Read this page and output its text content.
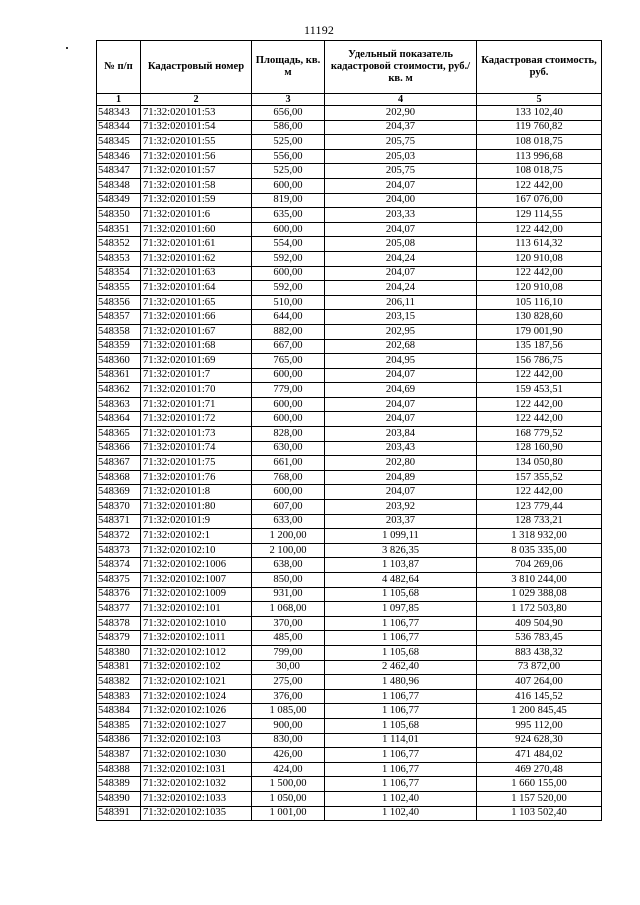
11192
№ п/п	Кадастровый номер	Площадь, кв. м	Удельный показатель кадастровой стоимости, руб./кв. м	Кадастровая стоимость, руб.
1	2	3	4	5
548343	71:32:020101:53	656,00	202,90	133 102,40
548344	71:32:020101:54	586,00	204,37	119 760,82
548345	71:32:020101:55	525,00	205,75	108 018,75
548346	71:32:020101:56	556,00	205,03	113 996,68
548347	71:32:020101:57	525,00	205,75	108 018,75
548348	71:32:020101:58	600,00	204,07	122 442,00
548349	71:32:020101:59	819,00	204,00	167 076,00
548350	71:32:020101:6	635,00	203,33	129 114,55
548351	71:32:020101:60	600,00	204,07	122 442,00
548352	71:32:020101:61	554,00	205,08	113 614,32
548353	71:32:020101:62	592,00	204,24	120 910,08
548354	71:32:020101:63	600,00	204,07	122 442,00
548355	71:32:020101:64	592,00	204,24	120 910,08
548356	71:32:020101:65	510,00	206,11	105 116,10
548357	71:32:020101:66	644,00	203,15	130 828,60
548358	71:32:020101:67	882,00	202,95	179 001,90
548359	71:32:020101:68	667,00	202,68	135 187,56
548360	71:32:020101:69	765,00	204,95	156 786,75
548361	71:32:020101:7	600,00	204,07	122 442,00
548362	71:32:020101:70	779,00	204,69	159 453,51
548363	71:32:020101:71	600,00	204,07	122 442,00
548364	71:32:020101:72	600,00	204,07	122 442,00
548365	71:32:020101:73	828,00	203,84	168 779,52
548366	71:32:020101:74	630,00	203,43	128 160,90
548367	71:32:020101:75	661,00	202,80	134 050,80
548368	71:32:020101:76	768,00	204,89	157 355,52
548369	71:32:020101:8	600,00	204,07	122 442,00
548370	71:32:020101:80	607,00	203,92	123 779,44
548371	71:32:020101:9	633,00	203,37	128 733,21
548372	71:32:020102:1	1 200,00	1 099,11	1 318 932,00
548373	71:32:020102:10	2 100,00	3 826,35	8 035 335,00
548374	71:32:020102:1006	638,00	1 103,87	704 269,06
548375	71:32:020102:1007	850,00	4 482,64	3 810 244,00
548376	71:32:020102:1009	931,00	1 105,68	1 029 388,08
548377	71:32:020102:101	1 068,00	1 097,85	1 172 503,80
548378	71:32:020102:1010	370,00	1 106,77	409 504,90
548379	71:32:020102:1011	485,00	1 106,77	536 783,45
548380	71:32:020102:1012	799,00	1 105,68	883 438,32
548381	71:32:020102:102	30,00	2 462,40	73 872,00
548382	71:32:020102:1021	275,00	1 480,96	407 264,00
548383	71:32:020102:1024	376,00	1 106,77	416 145,52
548384	71:32:020102:1026	1 085,00	1 106,77	1 200 845,45
548385	71:32:020102:1027	900,00	1 105,68	995 112,00
548386	71:32:020102:103	830,00	1 114,01	924 628,30
548387	71:32:020102:1030	426,00	1 106,77	471 484,02
548388	71:32:020102:1031	424,00	1 106,77	469 270,48
548389	71:32:020102:1032	1 500,00	1 106,77	1 660 155,00
548390	71:32:020102:1033	1 050,00	1 102,40	1 157 520,00
548391	71:32:020102:1035	1 001,00	1 102,40	1 103 502,40
